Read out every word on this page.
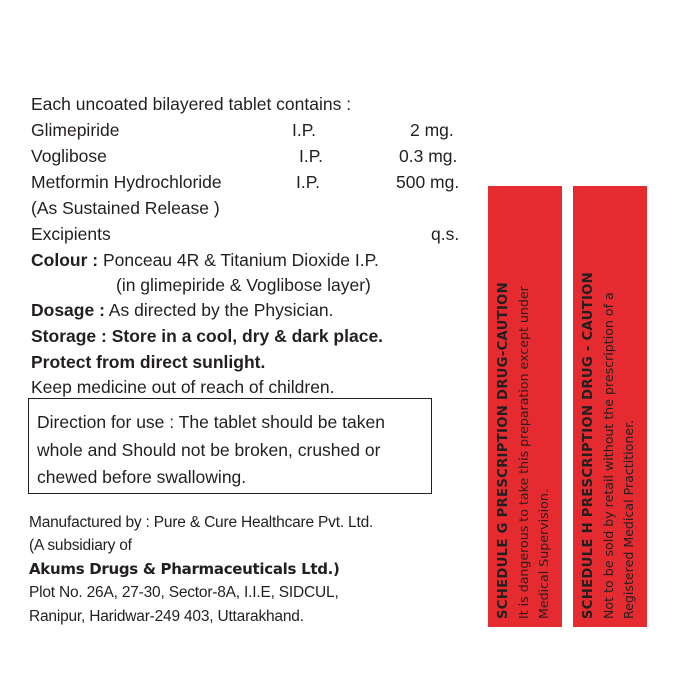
Each uncoated bilayered tablet contains :
Glimepiride	I.P.	2 mg.
Voglibose	I.P.	0.3 mg.
Metformin Hydrochloride	I.P.	500 mg.
(As Sustained Release )
Excipients	q.s.
Colour : Ponceau 4R & Titanium Dioxide I.P.
(in glimepiride & Voglibose layer)
Dosage : As directed by the Physician.
Storage : Store in a cool, dry & dark place.
Protect from direct sunlight.
Keep medicine out of reach of children.
Direction for use : The tablet should be taken
whole and Should not be broken, crushed or
chewed before swallowing.
Manufactured by : Pure & Cure Healthcare Pvt. Ltd.
(A subsidiary of
Akums Drugs & Pharmaceuticals Ltd.)
Plot No. 26A, 27-30, Sector-8A, I.I.E, SIDCUL,
Ranipur, Haridwar-249 403, Uttarakhand.	SCHEDULE G PRESCRIPTION DRUG-CAUTION It is dangerous to take this preparation except under Medical Supervision. SCHEDULE H PRESCRIPTION DRUG - CAUTION Not to be sold by retail without the prescription of a Registered Medical Practitioner.
